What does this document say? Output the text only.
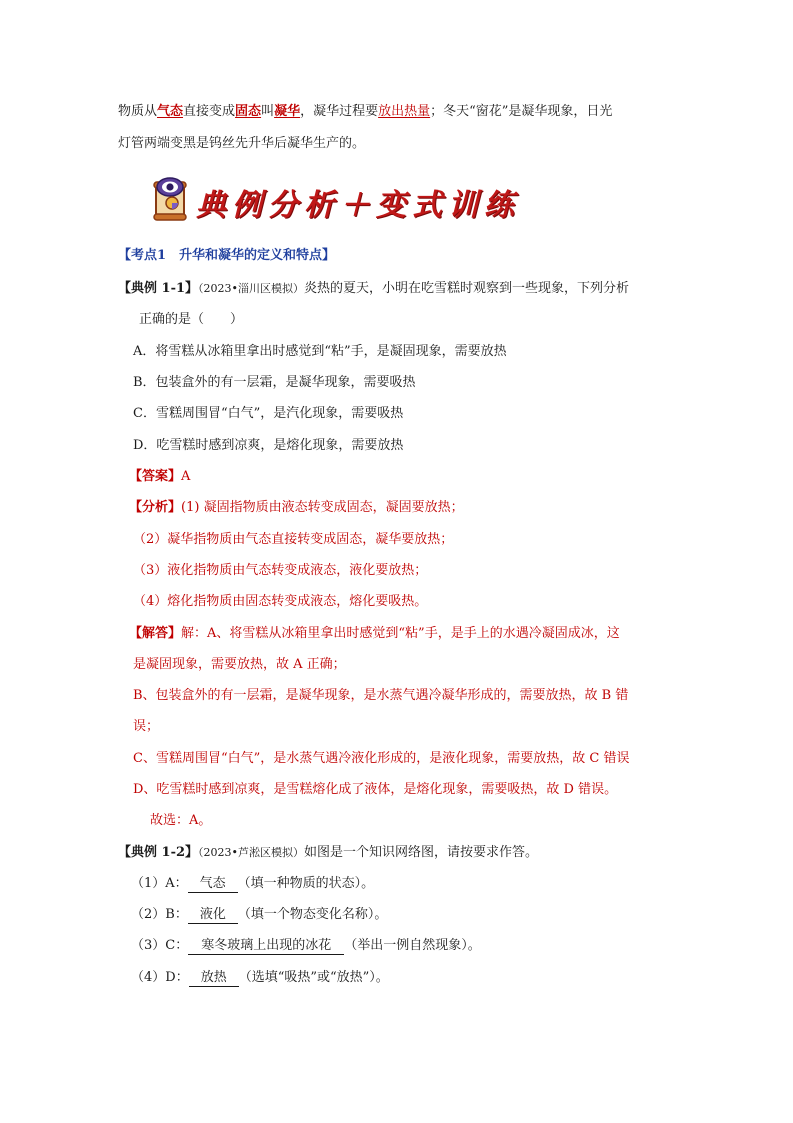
物质从气态直接变成固态叫凝华，凝华过程要放出热量；冬天“窗花”是凝华现象，日光
灯管两端变黑是钨丝先升华后凝华生产的。
典例分析＋变式训练
【考点1　升华和凝华的定义和特点】
【典例 1-1】（2023•淄川区模拟）炎热的夏天，小明在吃雪糕时观察到一些现象，下列分析
正确的是（　　）
A．将雪糕从冰箱里拿出时感觉到“粘”手，是凝固现象，需要放热
B．包装盒外的有一层霜，是凝华现象，需要吸热
C．雪糕周围冒“白气”，是汽化现象，需要吸热
D．吃雪糕时感到凉爽，是熔化现象，需要放热
【答案】A
【分析】(1) 凝固指物质由液态转变成固态，凝固要放热；
（2）凝华指物质由气态直接转变成固态，凝华要放热；
（3）液化指物质由气态转变成液态，液化要放热；
（4）熔化指物质由固态转变成液态，熔化要吸热。
【解答】解：A、将雪糕从冰箱里拿出时感觉到“粘”手，是手上的水遇冷凝固成冰，这
是凝固现象，需要放热，故 A 正确；
B、包装盒外的有一层霜，是凝华现象，是水蒸气遇冷凝华形成的，需要放热，故 B 错
误；
C、雪糕周围冒“白气”，是水蒸气遇冷液化形成的，是液化现象，需要放热，故 C 错误
D、吃雪糕时感到凉爽，是雪糕熔化成了液体，是熔化现象，需要吸热，故 D 错误。
故选：A。
【典例 1-2】（2023•芦淞区模拟）如图是一个知识网络图，请按要求作答。
（1）A： 气态 （填一种物质的状态）。
（2）B： 液化 （填一个物态变化名称）。
（3）C： 寒冬玻璃上出现的冰花 （举出一例自然现象）。
（4）D： 放热 （选填“吸热”或“放热”）。
